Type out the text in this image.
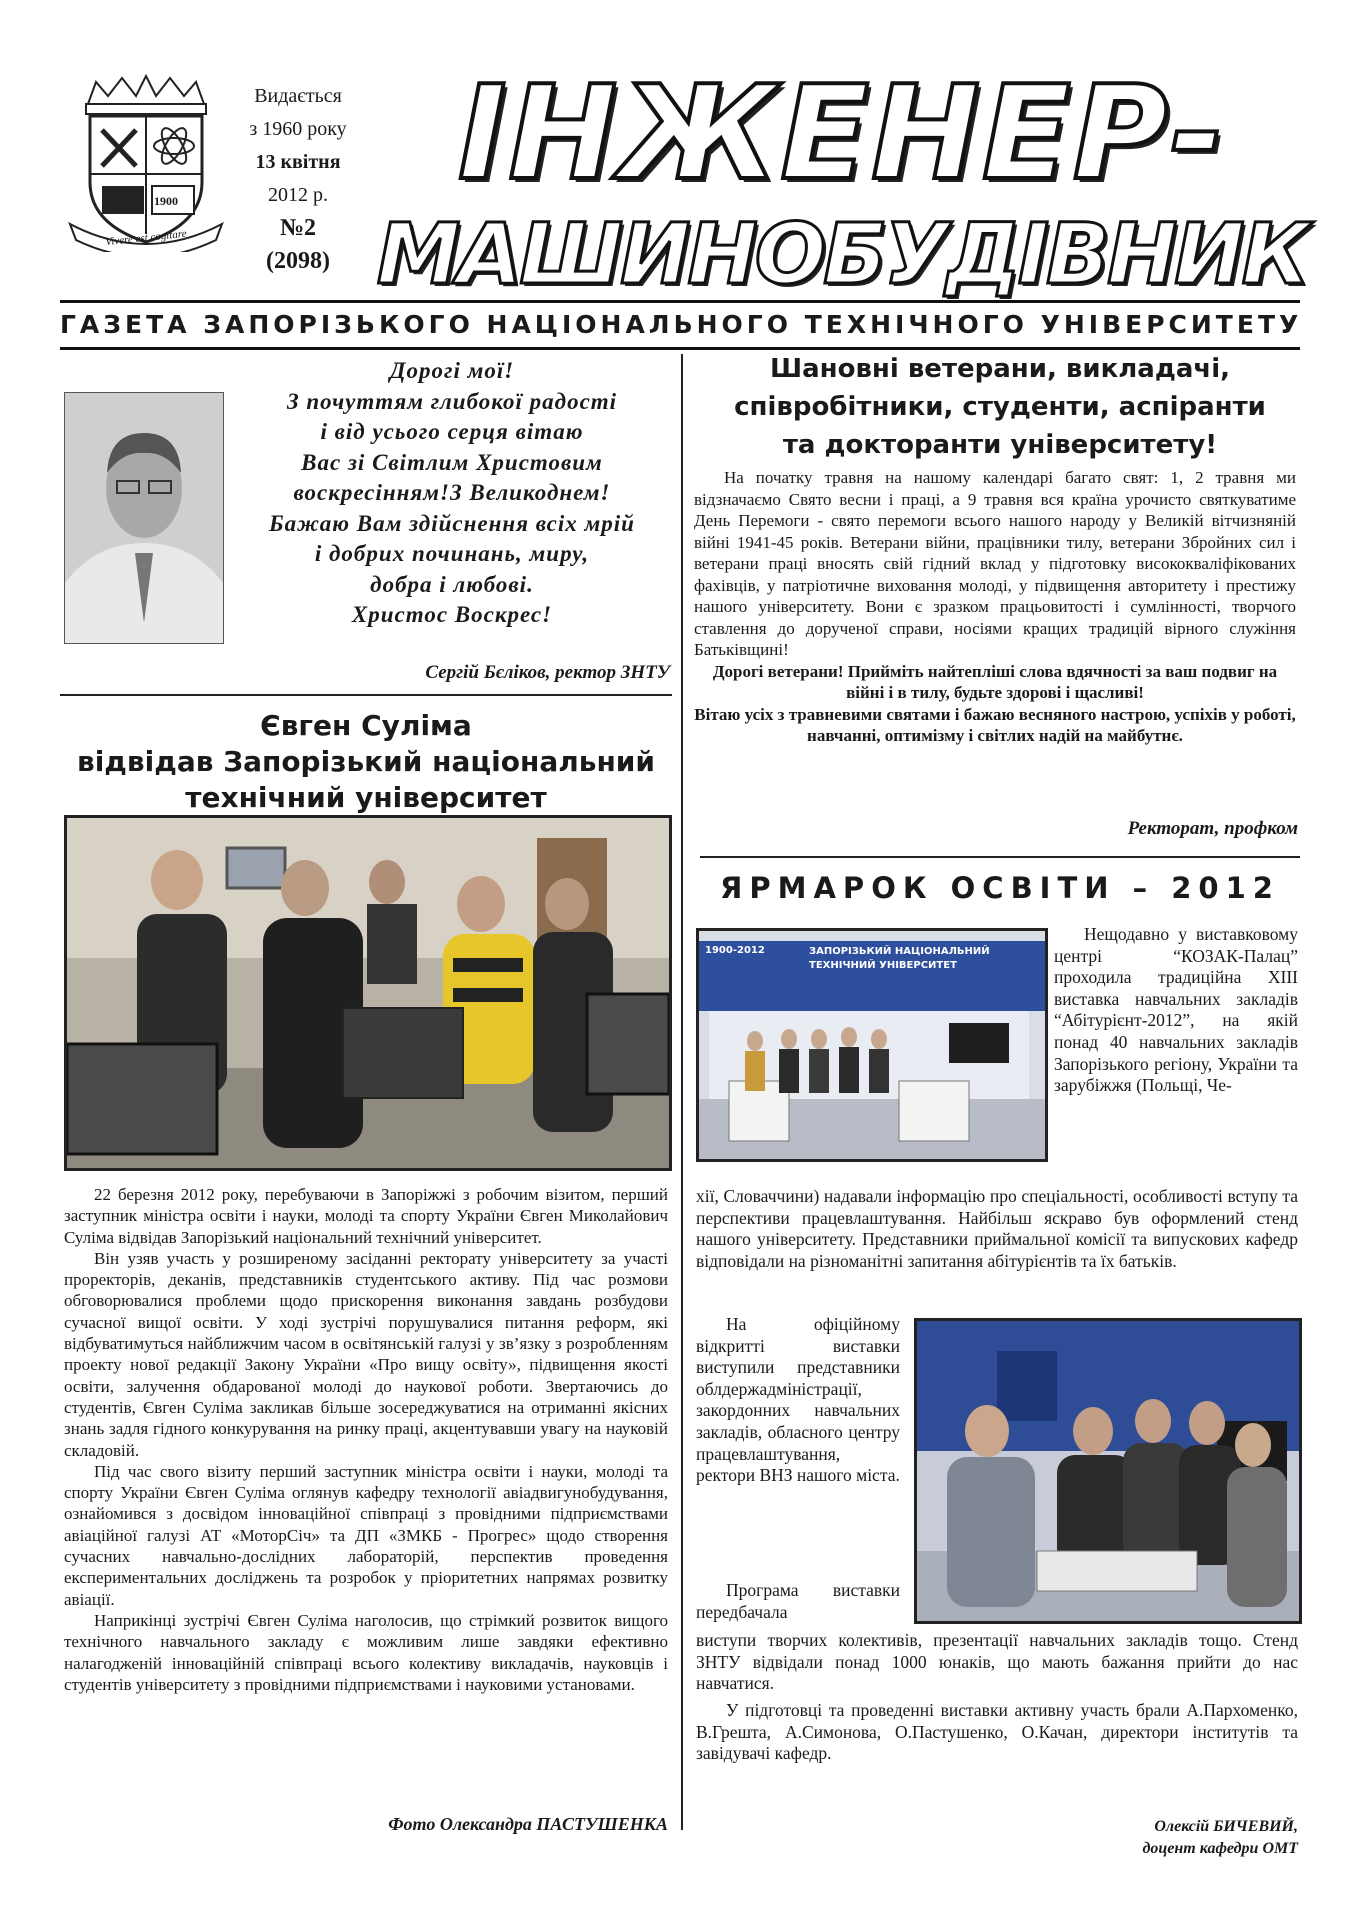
1900
Vivere est cogitare
Видається
з 1960 року
13 квітня
2012 р.
№2
(2098)
ІНЖЕНЕР-
МАШИНОБУДІВНИК
ГАЗЕТА ЗАПОРІЗЬКОГО НАЦІОНАЛЬНОГО ТЕХНІЧНОГО УНІВЕРСИТЕТУ
Дорогі мої!
З почуттям глибокої радості
і від усього серця вітаю
Вас зі Світлим Христовим
воскресінням!З Великоднем!
Бажаю Вам здійснення всіх мрій
і добрих починань, миру,
добра і любові.
Христос Воскрес!
Сергій Бєліков, ректор ЗНТУ
Євген Суліма
відвідав Запорізький національний
технічний університет

22 березня 2012 року, перебуваючи в Запоріжжі з робочим візитом, перший заступник міністра освіти і науки, молоді та спорту України Євген Миколайович Суліма відвідав Запорізький національний технічний університет.

Він узяв участь у розширеному засіданні ректорату університету за участі проректорів, деканів, представників студентського активу. Під час розмови обговорювалися проблеми щодо прискорення виконання завдань розбудови сучасної вищої освіти. У ході зустрічі порушувалися питання реформ, які відбуватимуться найближчим часом в освітянській галузі у зв’язку з розробленням проекту нової редакції Закону України «Про вищу освіту», підвищення якості освіти, залучення обдарованої молоді до наукової роботи. Звертаючись до студентів, Євген Суліма закликав більше зосереджуватися на отриманні якісних знань задля гідного конкурування на ринку праці, акцентувавши увагу на науковій складовій.

Під час свого візиту перший заступник міністра освіти і науки, молоді та спорту України Євген Суліма оглянув кафедру технології авіадвигунобудування, ознайомився з досвідом інноваційної співпраці з провідними підприємствами авіаційної галузі АТ «МоторСіч» та ДП «ЗМКБ - Прогрес» щодо створення сучасних навчально-дослідних лабораторій, перспектив проведення експериментальних досліджень та розробок у пріоритетних напрямах розвитку авіації.

Наприкінці зустрічі Євген Суліма наголосив, що стрімкий розвиток вищого технічного навчального закладу є можливим лише завдяки ефективно налагодженій інноваційній співпраці всього колективу викладачів, науковців і студентів університету з провідними підприємствами і науковими установами.

Фото Олександра ПАСТУШЕНКА
Шановні ветерани, викладачі,
співробітники, студенти, аспіранти
та докторанти університету!

На початку травня на нашому календарі багато свят: 1, 2 травня ми відзначаємо Свято весни і праці, а 9 травня вся країна урочисто святкуватиме День Перемоги - свято перемоги всього нашого народу у Великій вітчизняній війні 1941-45 років. Ветерани війни, працівники тилу, ветерани Збройних сил і ветерани праці вносять свій гідний вклад у підготовку висококваліфікованих фахівців, у патріотичне виховання молоді, у підвищення авторитету і престижу нашого університету. Вони є зразком працьовитості і сумлінності, творчого ставлення до дорученої справи, носіями кращих традицій вірного служіння Батьківщині!

Дорогі ветерани! Прийміть найтепліші слова вдячності за ваш подвиг на війні і в тилу, будьте здорові і щасливі!

Вітаю усіх з травневими святами і бажаю весняного настрою, успіхів у роботі, навчанні, оптимізму і світлих надій на майбутнє.

Ректорат, профком
ЯРМАРОК ОСВІТИ – 2012
1900-2012	ЗАПОРІЗЬКИЙ НАЦІОНАЛЬНИЙ ТЕХНІЧНИЙ УНІВЕРСИТЕТ
Нещодавно у виставковому центрі “КОЗАК-Палац” проходила традиційна XIII виставка навчальних закладів “Абітурієнт-2012”, на якій понад 40 навчальних закладів Запорізького регіону, України та зарубіжжя (Польщі, Че-
хії, Словаччини) надавали інформацію про спеціальності, особливості вступу та перспективи працевлаштування. Найбільш яскраво був оформлений стенд нашого університету. Представники приймальної комісії та випускових кафедр відповідали на різноманітні запитання абітурієнтів та їх батьків.
На офіційному відкритті виставки виступили представники облдержадміністрації, закордонних навчальних закладів, обласного центру працевлаштування, ректори ВНЗ нашого міста.
Програма виставки передбачала
виступи творчих колективів, презентації навчальних закладів тощо. Стенд ЗНТУ відвідали понад 1000 юнаків, що мають бажання прийти до нас навчатися.
У підготовці та проведенні виставки активну участь брали А.Пархоменко, В.Грешта, А.Симонова, О.Пастушенко, О.Качан, директори інститутів та завідувачі кафедр.
Олексій БИЧЕВИЙ,
доцент кафедри ОМТ
